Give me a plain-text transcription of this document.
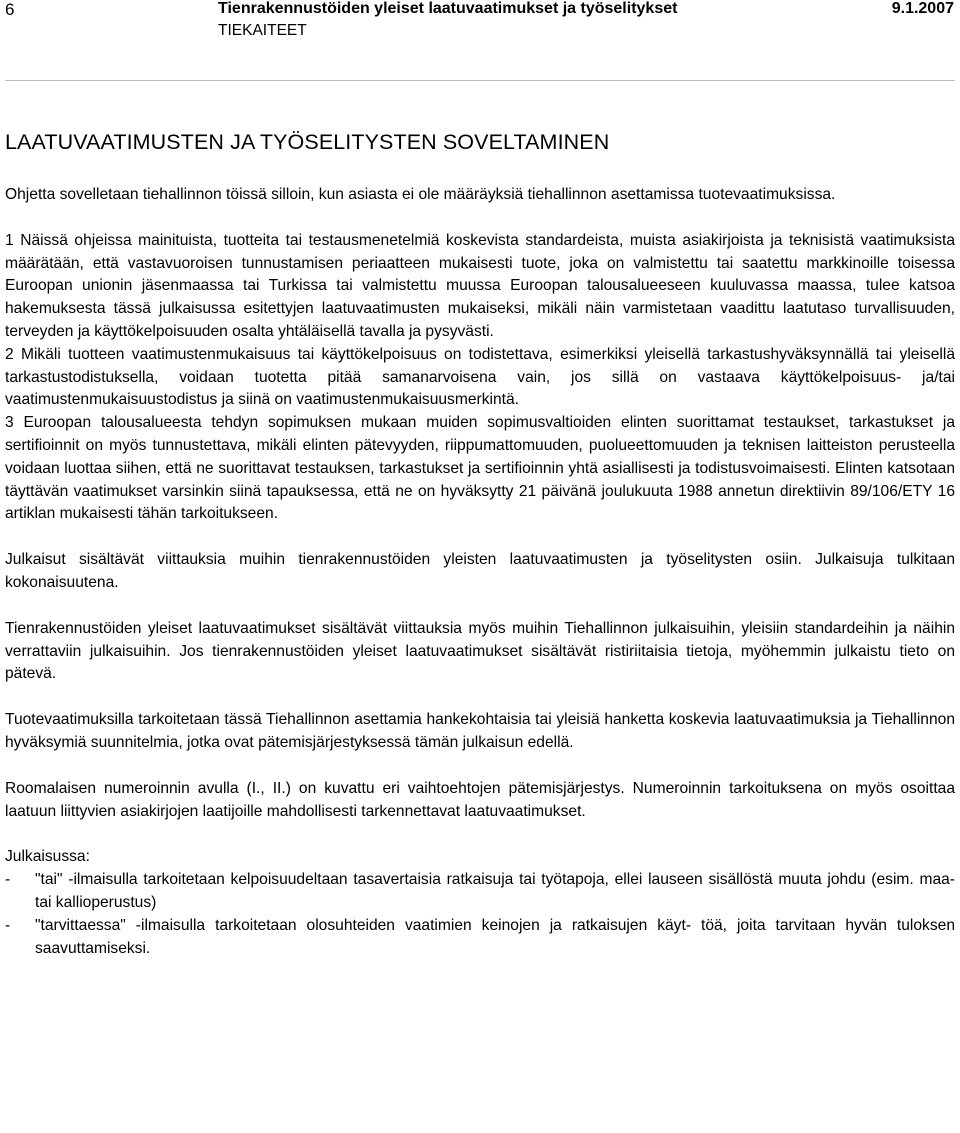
6	Tienrakennustöiden yleiset laatuvaatimukset ja työselitykset	9.1.2007
TIEKAITEET
LAATUVAATIMUSTEN JA TYÖSELITYSTEN SOVELTAMINEN

Ohjetta sovelletaan tiehallinnon töissä silloin, kun asiasta ei ole määräyksiä tiehallinnon asettamissa tuotevaatimuksissa.

1 Näissä ohjeissa mainituista, tuotteita tai testausmenetelmiä koskevista standardeista, muista asiakirjoista ja teknisistä vaatimuksista määrätään, että vastavuoroisen tunnustamisen periaatteen mukaisesti tuote, joka on valmistettu tai saatettu markkinoille toisessa Euroopan unionin jäsenmaassa tai Turkissa tai valmistettu muussa Euroopan talousalueeseen kuuluvassa maassa, tulee katsoa hakemuksesta tässä julkaisussa esitettyjen laatuvaatimusten mukaiseksi, mikäli näin varmistetaan vaadittu laatutaso turvallisuuden, terveyden ja käyttökelpoisuuden osalta yhtäläisellä tavalla ja pysyvästi.

2 Mikäli tuotteen vaatimustenmukaisuus tai käyttökelpoisuus on todistettava, esimerkiksi yleisellä tarkastushyväksynnällä tai yleisellä tarkastustodistuksella, voidaan tuotetta pitää samanarvoisena vain, jos sillä on vastaava käyttökelpoisuus- ja/tai vaatimustenmukaisuustodistus ja siinä on vaatimustenmukaisuusmerkintä.

3 Euroopan talousalueesta tehdyn sopimuksen mukaan muiden sopimusvaltioiden elinten suorittamat testaukset, tarkastukset ja sertifioinnit on myös tunnustettava, mikäli elinten pätevyyden, riippumattomuuden, puolueettomuuden ja teknisen laitteiston perusteella voidaan luottaa siihen, että ne suorittavat testauksen, tarkastukset ja sertifioinnin yhtä asiallisesti ja todistusvoimaisesti. Elinten katsotaan täyttävän vaatimukset varsinkin siinä tapauksessa, että ne on hyväksytty 21 päivänä joulukuuta 1988 annetun direktiivin 89/106/ETY 16 artiklan mukaisesti tähän tarkoitukseen.

Julkaisut sisältävät viittauksia muihin tienrakennustöiden yleisten laatuvaatimusten ja työselitysten osiin. Julkaisuja tulkitaan kokonaisuutena.

Tienrakennustöiden yleiset laatuvaatimukset sisältävät viittauksia myös muihin Tiehallinnon julkaisuihin, yleisiin standardeihin ja näihin verrattaviin julkaisuihin. Jos tienrakennustöiden yleiset laatuvaatimukset sisältävät ristiriitaisia tietoja, myöhemmin julkaistu tieto on pätevä.

Tuotevaatimuksilla tarkoitetaan tässä Tiehallinnon asettamia hankekohtaisia tai yleisiä hanketta koskevia laatuvaatimuksia ja Tiehallinnon hyväksymiä suunnitelmia, jotka ovat pätemisjärjestyksessä tämän julkaisun edellä.

Roomalaisen numeroinnin avulla (I., II.) on kuvattu eri vaihtoehtojen pätemisjärjestys. Numeroinnin tarkoituksena on myös osoittaa laatuun liittyvien asiakirjojen laatijoille mahdollisesti tarkennettavat laatuvaatimukset.

Julkaisussa:

- "tai" -ilmaisulla tarkoitetaan kelpoisuudeltaan tasavertaisia ratkaisuja tai työtapoja, ellei lauseen sisällöstä muuta johdu (esim. maa- tai kallioperustus)
- "tarvittaessa" -ilmaisulla tarkoitetaan olosuhteiden vaatimien keinojen ja ratkaisujen käyt- töä, joita tarvitaan hyvän tuloksen saavuttamiseksi.
